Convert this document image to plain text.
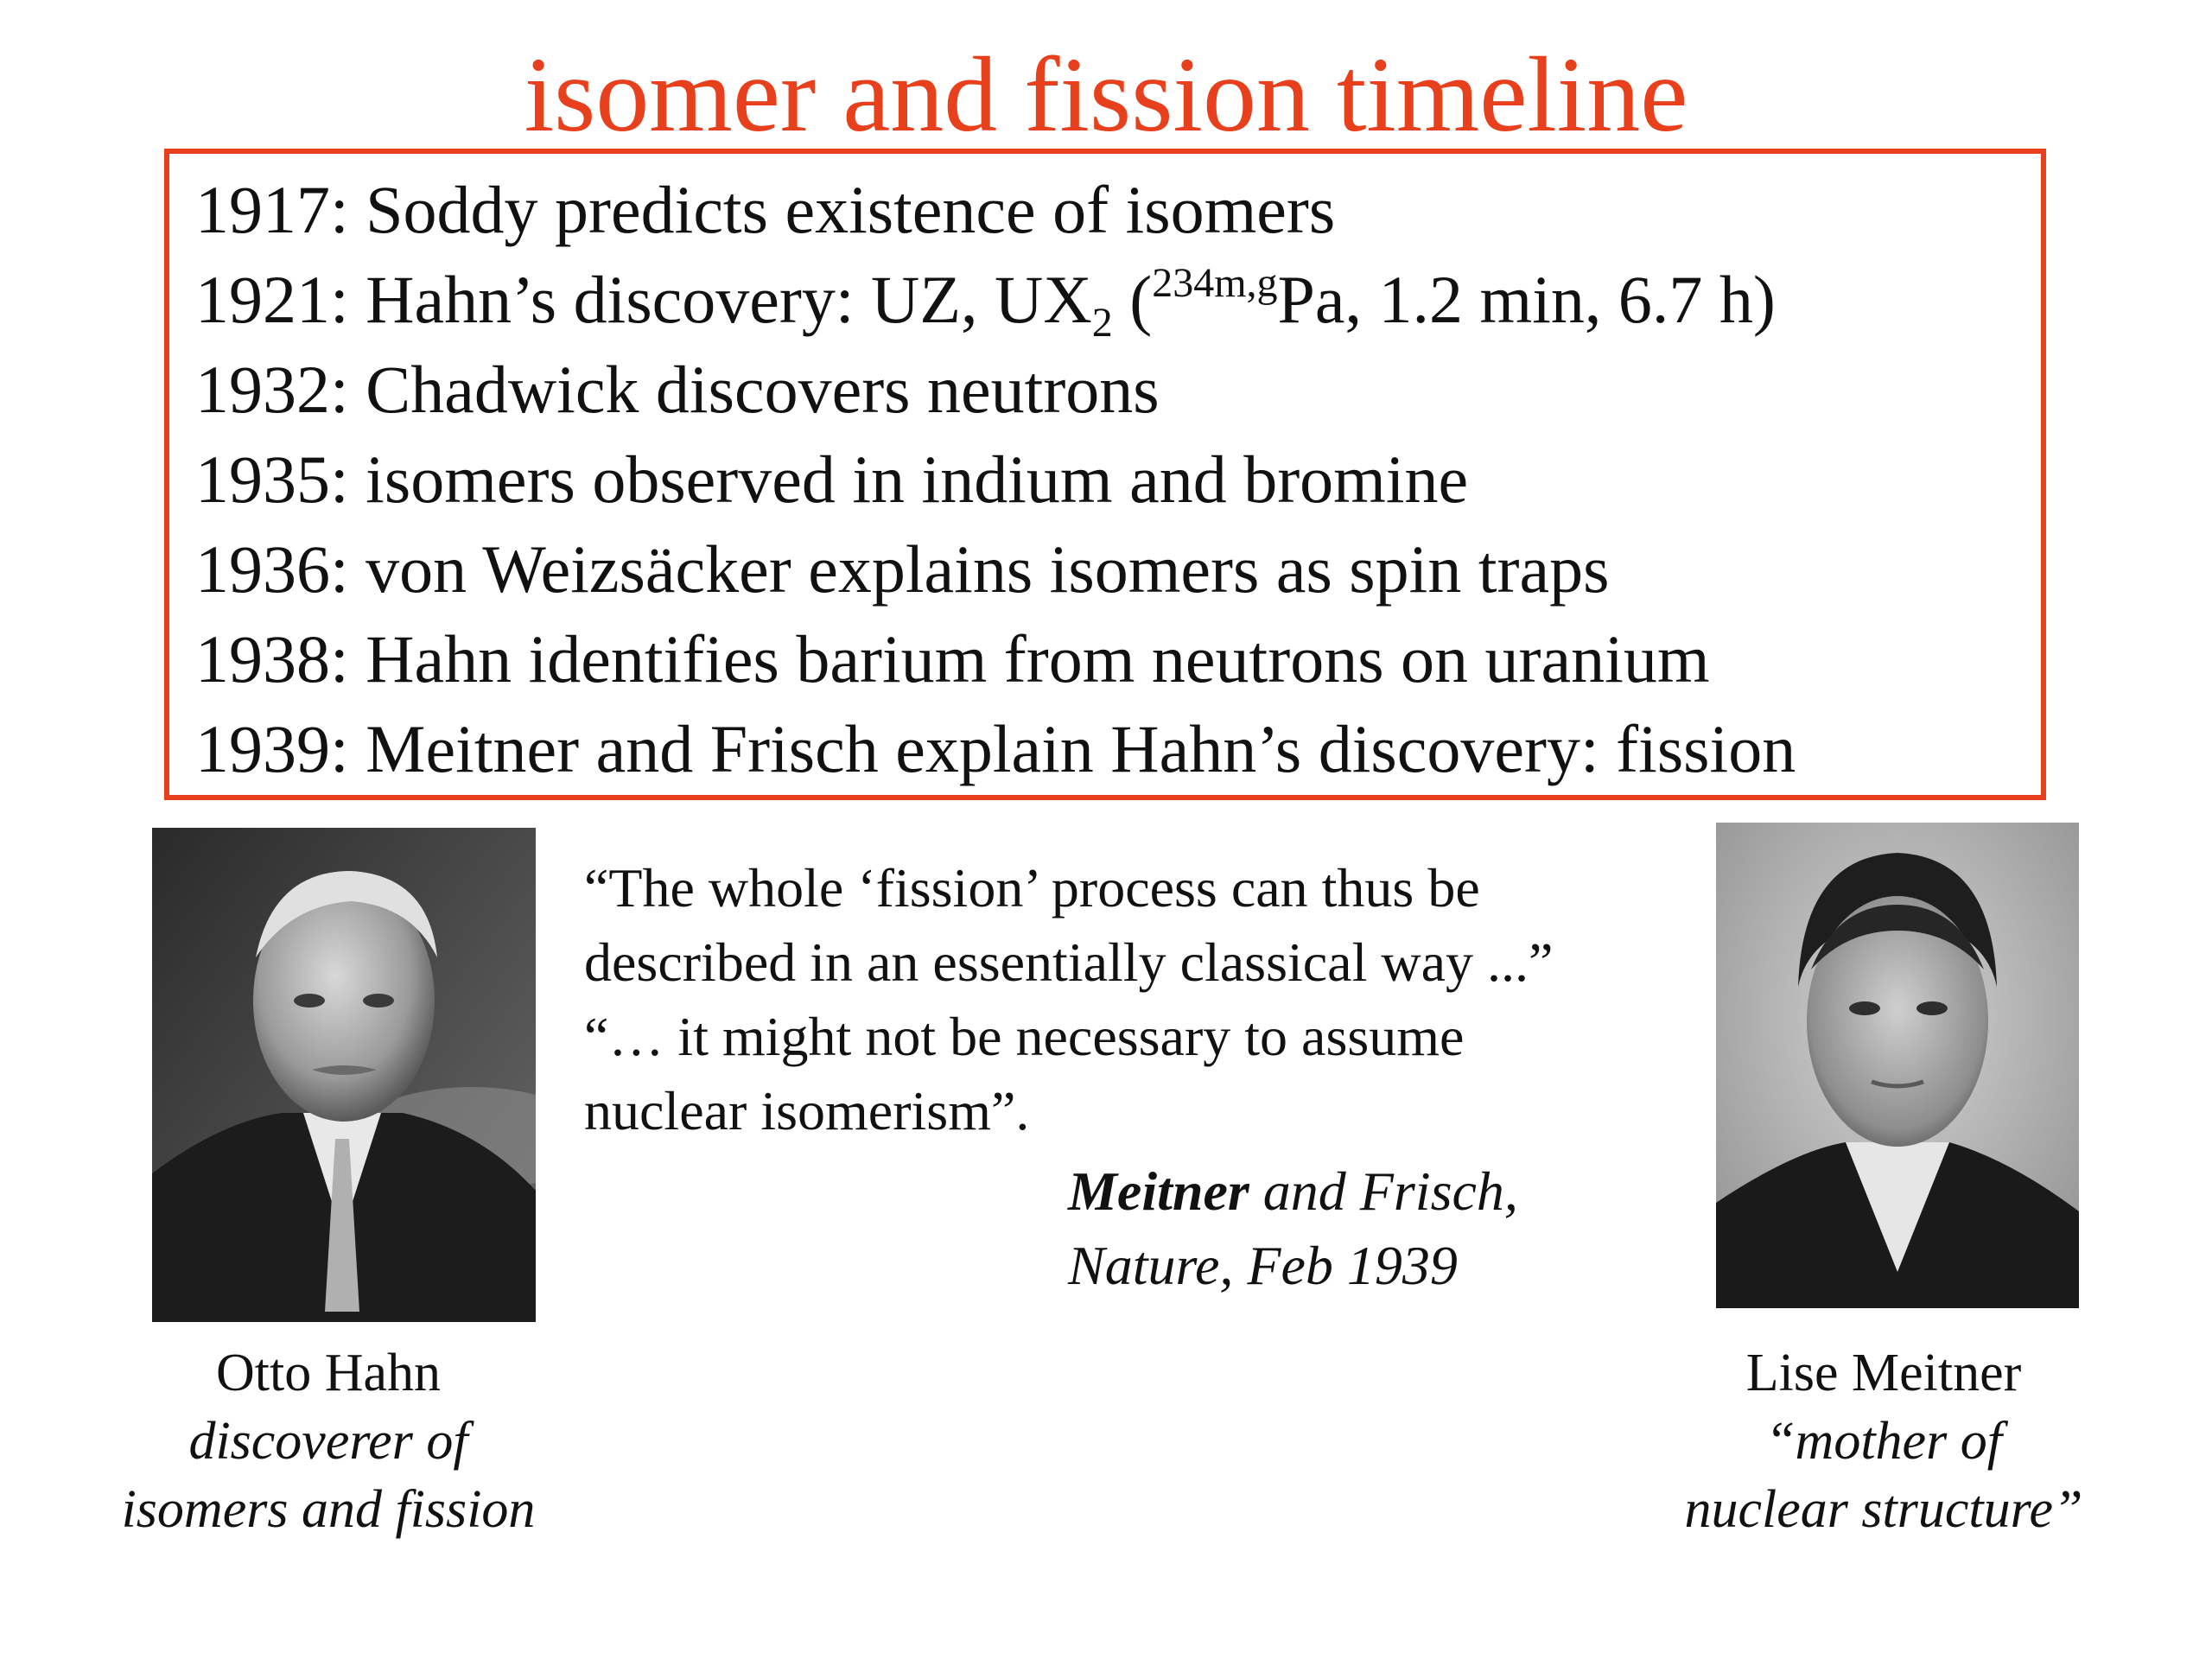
isomer and fission timeline
1917: Soddy predicts existence of isomers
1921: Hahn’s discovery: UZ, $UX_2$ ($^{234m,g}$Pa, 1.2 min, 6.7 h)
1932: Chadwick discovers neutrons
1935: isomers observed in indium and bromine
1936: von Weizsäcker explains isomers as spin traps
1938: Hahn identifies barium from neutrons on uranium
1939: Meitner and Frisch explain Hahn’s discovery: fission
“The whole ‘fission’ process can thus be
described in an essentially classical way ...”
“… it might not be necessary to assume
nuclear isomerism”.
Meitner and Frisch,
Nature, Feb 1939
Otto Hahn
discoverer of
isomers and fission
Lise Meitner
“mother of
nuclear structure”
